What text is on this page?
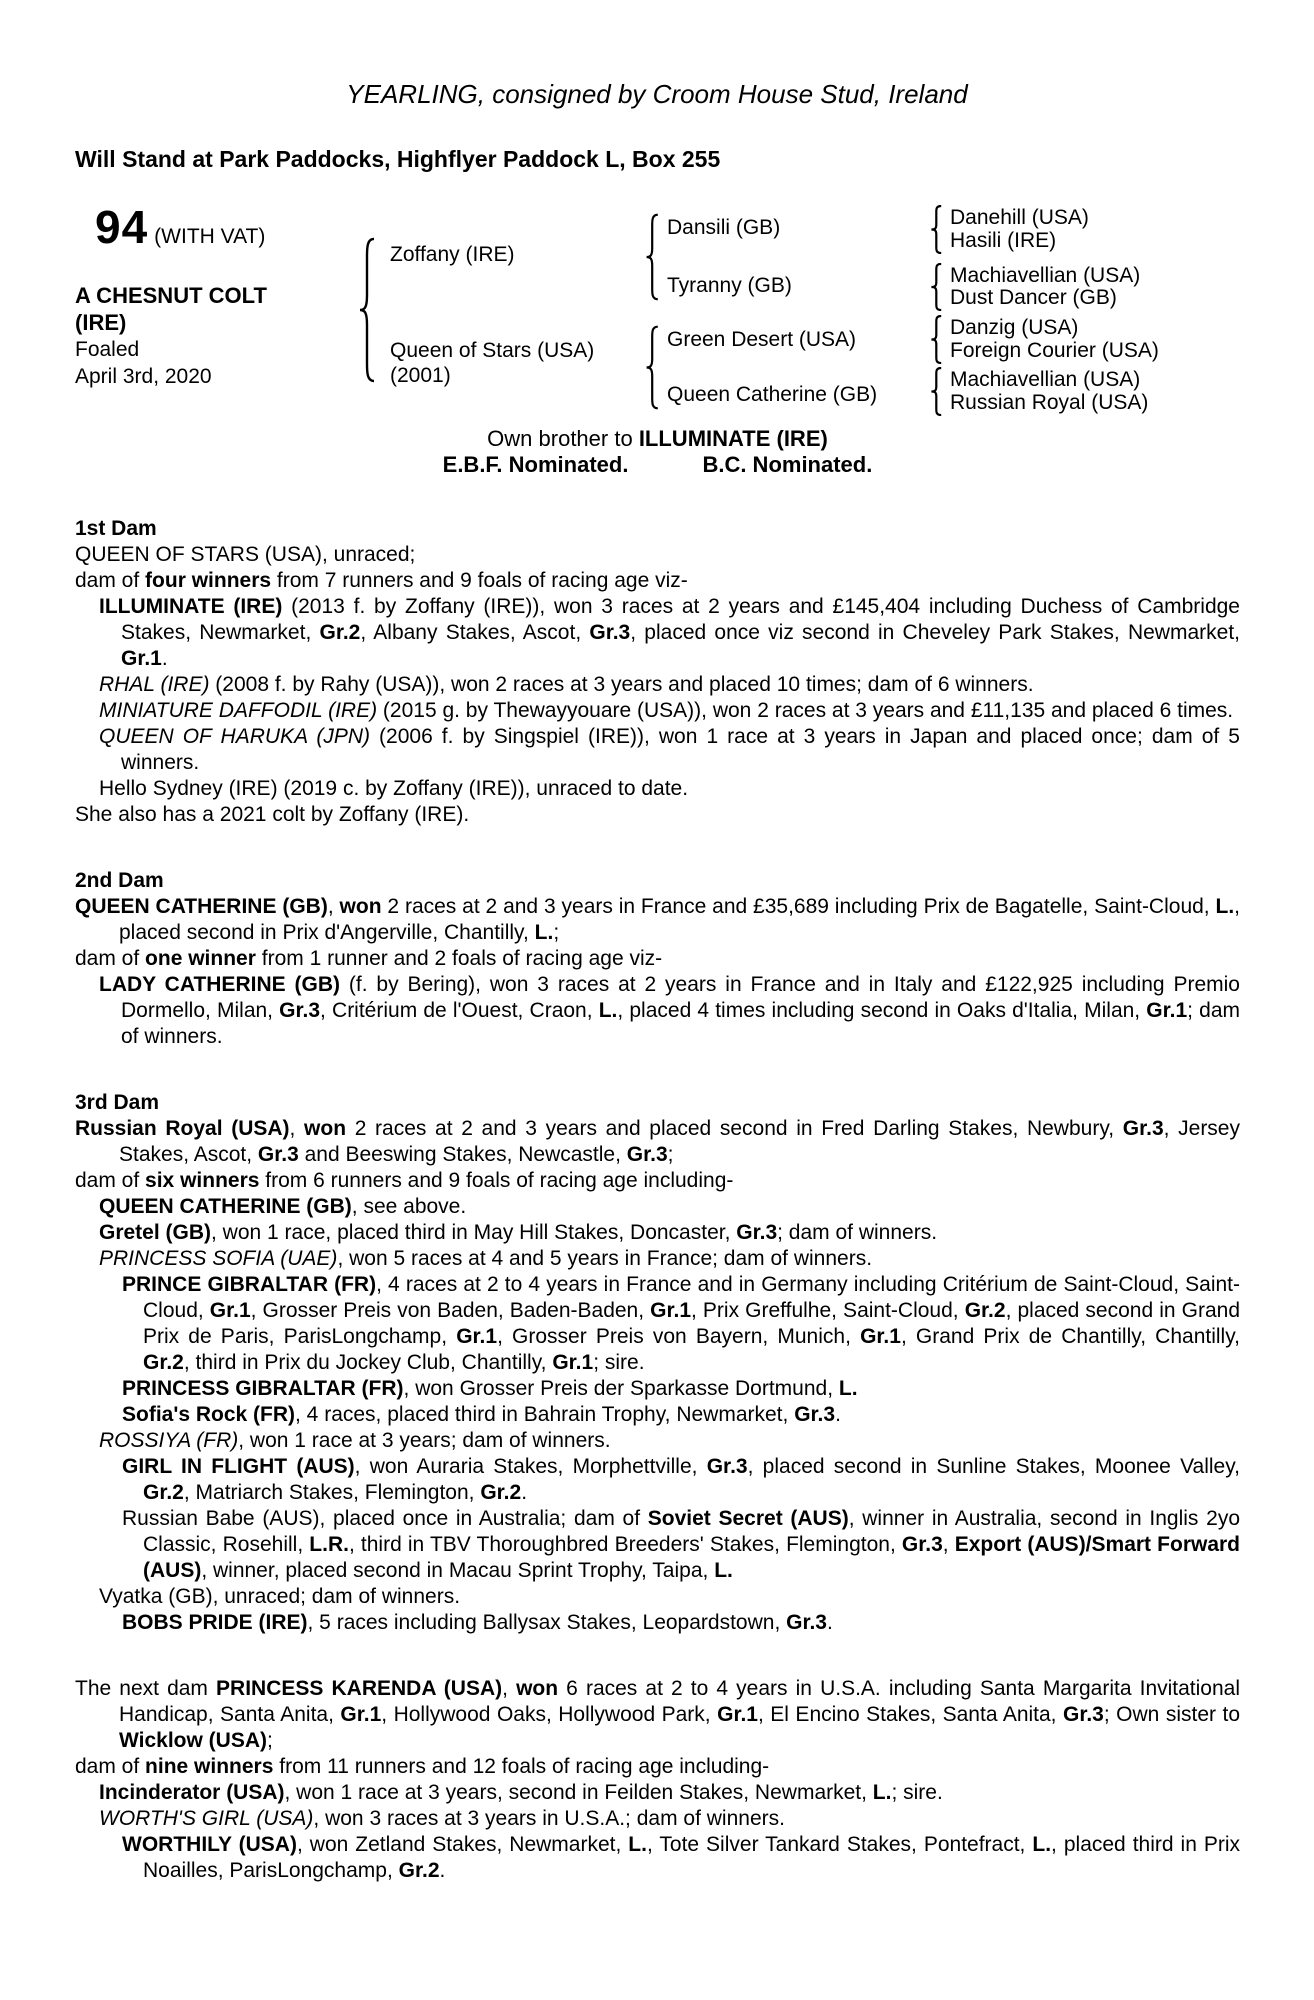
YEARLING, consigned by Croom House Stud, Ireland
Will Stand at Park Paddocks, Highflyer Paddock L, Box 255
94 (WITH VAT)
A CHESNUT COLT
(IRE)
Foaled
April 3rd, 2020
Zoffany (IRE)
Queen of Stars (USA)
(2001)
Dansili (GB)
Tyranny (GB)
Green Desert (USA)
Queen Catherine (GB)
Danehill (USA)
Hasili (IRE)
Machiavellian (USA)
Dust Dancer (GB)
Danzig (USA)
Foreign Courier (USA)
Machiavellian (USA)
Russian Royal (USA)
Own brother to ILLUMINATE (IRE)
E.B.F. Nominated.	B.C. Nominated.
1st Dam

QUEEN OF STARS (USA), unraced;

dam of four winners from 7 runners and 9 foals of racing age viz-

ILLUMINATE (IRE) (2013 f. by Zoffany (IRE)), won 3 races at 2 years and £145,404 including Duchess of Cambridge Stakes, Newmarket, Gr.2, Albany Stakes, Ascot, Gr.3, placed once viz second in Cheveley Park Stakes, Newmarket, Gr.1.

RHAL (IRE) (2008 f. by Rahy (USA)), won 2 races at 3 years and placed 10 times; dam of 6 winners.

MINIATURE DAFFODIL (IRE) (2015 g. by Thewayyouare (USA)), won 2 races at 3 years and £11,135 and placed 6 times.

QUEEN OF HARUKA (JPN) (2006 f. by Singspiel (IRE)), won 1 race at 3 years in Japan and placed once; dam of 5 winners.

Hello Sydney (IRE) (2019 c. by Zoffany (IRE)), unraced to date.

She also has a 2021 colt by Zoffany (IRE).

2nd Dam

QUEEN CATHERINE (GB), won 2 races at 2 and 3 years in France and £35,689 including Prix de Bagatelle, Saint-Cloud, L., placed second in Prix d'Angerville, Chantilly, L.;

dam of one winner from 1 runner and 2 foals of racing age viz-

LADY CATHERINE (GB) (f. by Bering), won 3 races at 2 years in France and in Italy and £122,925 including Premio Dormello, Milan, Gr.3, Critérium de l'Ouest, Craon, L., placed 4 times including second in Oaks d'Italia, Milan, Gr.1; dam of winners.

3rd Dam

Russian Royal (USA), won 2 races at 2 and 3 years and placed second in Fred Darling Stakes, Newbury, Gr.3, Jersey Stakes, Ascot, Gr.3 and Beeswing Stakes, Newcastle, Gr.3;

dam of six winners from 6 runners and 9 foals of racing age including-

QUEEN CATHERINE (GB), see above.

Gretel (GB), won 1 race, placed third in May Hill Stakes, Doncaster, Gr.3; dam of winners.

PRINCESS SOFIA (UAE), won 5 races at 4 and 5 years in France; dam of winners.

PRINCE GIBRALTAR (FR), 4 races at 2 to 4 years in France and in Germany including Critérium de Saint-Cloud, Saint-Cloud, Gr.1, Grosser Preis von Baden, Baden-Baden, Gr.1, Prix Greffulhe, Saint-Cloud, Gr.2, placed second in Grand Prix de Paris, ParisLongchamp, Gr.1, Grosser Preis von Bayern, Munich, Gr.1, Grand Prix de Chantilly, Chantilly, Gr.2, third in Prix du Jockey Club, Chantilly, Gr.1; sire.

PRINCESS GIBRALTAR (FR), won Grosser Preis der Sparkasse Dortmund, L.

Sofia's Rock (FR), 4 races, placed third in Bahrain Trophy, Newmarket, Gr.3.

ROSSIYA (FR), won 1 race at 3 years; dam of winners.

GIRL IN FLIGHT (AUS), won Auraria Stakes, Morphettville, Gr.3, placed second in Sunline Stakes, Moonee Valley, Gr.2, Matriarch Stakes, Flemington, Gr.2.

Russian Babe (AUS), placed once in Australia; dam of Soviet Secret (AUS), winner in Australia, second in Inglis 2yo Classic, Rosehill, L.R., third in TBV Thoroughbred Breeders' Stakes, Flemington, Gr.3, Export (AUS)/Smart Forward (AUS), winner, placed second in Macau Sprint Trophy, Taipa, L.

Vyatka (GB), unraced; dam of winners.

BOBS PRIDE (IRE), 5 races including Ballysax Stakes, Leopardstown, Gr.3.

The next dam PRINCESS KARENDA (USA), won 6 races at 2 to 4 years in U.S.A. including Santa Margarita Invitational Handicap, Santa Anita, Gr.1, Hollywood Oaks, Hollywood Park, Gr.1, El Encino Stakes, Santa Anita, Gr.3; Own sister to Wicklow (USA);

dam of nine winners from 11 runners and 12 foals of racing age including-

Incinderator (USA), won 1 race at 3 years, second in Feilden Stakes, Newmarket, L.; sire.

WORTH'S GIRL (USA), won 3 races at 3 years in U.S.A.; dam of winners.

WORTHILY (USA), won Zetland Stakes, Newmarket, L., Tote Silver Tankard Stakes, Pontefract, L., placed third in Prix Noailles, ParisLongchamp, Gr.2.
